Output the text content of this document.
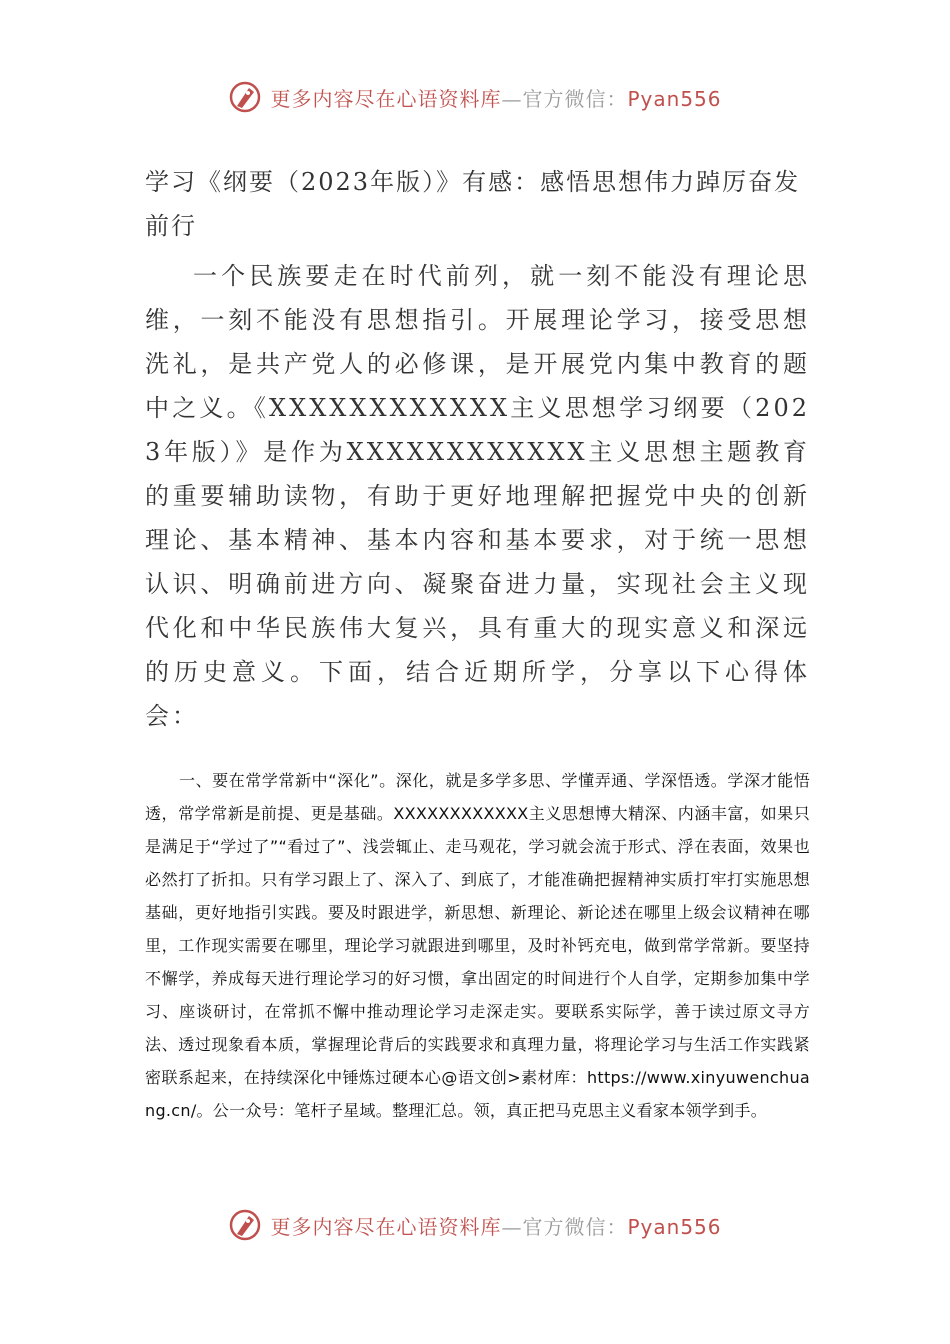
更多内容尽在心语资料库—官方微信：Pyan556
学习《纲要（2023年版）》有感：感悟思想伟力踔厉奋发前行

一个民族要走在时代前列，就一刻不能没有理论思维，一刻不能没有思想指引。开展理论学习，接受思想洗礼，是共产党人的必修课，是开展党内集中教育的题中之义。《XXXXXXXXXXXX主义思想学习纲要（2023年版）》是作为XXXXXXXXXXXX主义思想主题教育的重要辅助读物，有助于更好地理解把握党中央的创新理论、基本精神、基本内容和基本要求，对于统一思想认识、明确前进方向、凝聚奋进力量，实现社会主义现代化和中华民族伟大复兴，具有重大的现实意义和深远的历史意义。下面，结合近期所学，分享以下心得体会：

一、要在常学常新中“深化”。深化，就是多学多思、学懂弄通、学深悟透。学深才能悟透，常学常新是前提、更是基础。XXXXXXXXXXXX主义思想博大精深、内涵丰富，如果只是满足于“学过了”“看过了”、浅尝辄止、走马观花，学习就会流于形式、浮在表面，效果也必然打了折扣。只有学习跟上了、深入了、到底了，才能准确把握精神实质打牢打实施思想基础，更好地指引实践。要及时跟进学，新思想、新理论、新论述在哪里上级会议精神在哪里，工作现实需要在哪里，理论学习就跟进到哪里，及时补钙充电，做到常学常新。要坚持不懈学，养成每天进行理论学习的好习惯，拿出固定的时间进行个人自学，定期参加集中学习、座谈研讨，在常抓不懈中推动理论学习走深走实。要联系实际学，善于读过原文寻方法、透过现象看本质，掌握理论背后的实践要求和真理力量，将理论学习与生活工作实践紧密联系起来，在持续深化中锤炼过硬本心@语文创>素材库：https://www.xinyuwenchuang.cn/。公一众号：笔杆子星域。整理汇总。领，真正把马克思主义看家本领学到手。

更多内容尽在心语资料库—官方微信：Pyan556
